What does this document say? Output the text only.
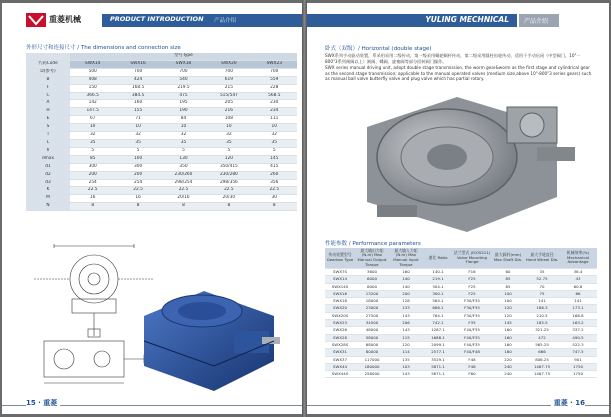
重菱机械	PRODUCT INTRODUCTION 产品介绍
外形尺寸和连接尺寸 / The dimensions and connection size
	型号Type				
代码Code	SWX14	SWX16	SWX18	SWX20	SWX23
D(参考)	500	700	700	700	700
B	408	424	540	619	559
F	150	168.5	219.5	215	228
C	366.5	384.5	475	515/547	568.5
A	142	160	195	205	230
H	147.5	155	190	216	234
E	67	71	84	108	111
S	10	10	10	10	10
T	32	32	32	32	32
L	35	35	35	35	35
h	5	5	5	5	5
dmax	85	100	130	120	145
d1	300	300	350	350/415	415
d2	200	200	230/260	230/280	260
d3	254	254	298/254	298/356	356
K	22.5	22.5	22.5	22.5	22.5
M	16	16	20/16	20/30	30
N	8	8	8	8	8
15 · 重菱
YULING MECHNICAL	产品介绍
卧式（双级）/ Horizontal (double stage)
SWX系列手动驱动装置，系采用采用二级传动，第一级采用蜗轮蜗杆传动，第二级采用圆柱齿轮传动，适用于手动启闭（中型阀门，10"－800"3系列闸阀以上）闸阀、蝶阀、旋塞阀等部分回转阀门操作。
SWX series manual driving unit, adopt double stage transmission, the worm gear&worm as the first stage and cylindrical gear as the second stage transmission; applicable to the manual operated valves (medium size,above 10"-800"3 series gears) such as manual ball valve butterfly valve and plug valve which has partial rotary.
性能参数 / Performance parameters
传动装置型号 Gearbox Type	最大输出力矩(N.m) Max Manual Output Torque	最大输入力矩(N.m) Max Manual Input Torque	速比 Ratio	法兰型式 (ISO5211) Valve Mounting Flange	最大阀杆(mm) Max Shaft Dia.	最大手轮直径 Hand Wheel Dia.	机械效率(%) Mechanical Advantage
SWX7S	3600	160	140.1	F16	60	35	36.4
SWX14	6000	140	219.1	F25	85	52.75	43
SWX14S	8000	140	304.1	F25	85	70	60.8
SWX16	13200	200	300.1	F25	100	75	66
SWX18	18000	128	564.1	F30/F35	100	141	141
SWX20	23000	133	686.1	F30/F35	120	186.3	173.1
SWX20S	27500	143	764.1	F30/F35	120	210.5	166.8
SWX23	34500	206	742.1	F35	145	185.5	163.2
SWX26	48000	143	1287.1	F40/F35	160	321.25	337.2
SWX28	58000	115	1688.1	F40/F35	160	472	490.5
SWX28S	68000	120	2099.1	F40/F35	160	565.25	522.3
SWX31	80000	114	2577.1	F40/F48	160	666	747.5
SWX37	117000	135	3529.1	F48	220	806.25	901
SWX44	180000	103	5871.1	F48	240	1467.75	1750
SWX44S	258000	143	5871.1	F60	240	1467.75	1750
重菱 · 16
